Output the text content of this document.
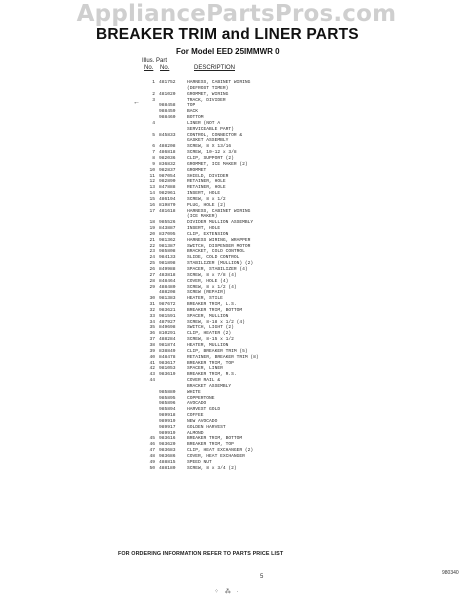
AppliancePartsPros.com
BREAKER TRIM and LINER PARTS
For Model EED 25IMMWR 0
Illus. Part
No. No.	DESCRIPTION
←
1 481752	HARNESS, CABINET WIRING
(DEFROST TIMER)
2 481020	GROMMET, WIRING
3	TRACK, DIVIDER
988458	TOP
988459	BACK
988460	BOTTOM
4	LINER (NOT A
SERVICEABLE PART)
5 845833	CONTROL, CONNECTOR &
GASKET ASSEMBLY
6 488208	SCREW, 8 X 13/16
7 486818	SCREW, 10-12 x 3/8
8 982036	CLIP, SUPPORT (2)
9 836832	GROMMET, ICE MAKER (2)
10 982837	GROMMET
11 987054	SHIELD, DIVIDER
12 982890	RETAINER, HOLE
13 847888	RETAINER, HOLE
14 982961	INSERT, HOLE
15 486194	SCREW, 8 x 1/2
16 819870	PLUG, HOLE (2)
17 481618	HARNESS, CABINET WIRING
(ICE MAKER)
18 985526	DIVIDER MULLION ASSEMBLY
19 843887	INSERT, HOLE
20 837095	CLIP, EXTENSION
21 981362	HARNESS WIRING, WRAPPER
22 981387	SWITCH, DISPENSER MOTOR
23 985808	BRACKET, COLD CONTROL
24 984133	SLIDE, COLD CONTROL
25 981898	STABILIZER (MULLION) (2)
26 849988	SPACER, STABILIZER (4)
27 483818	SCREW, 8 x 7/8 (4)
28 848464	COVER, HOLE (4)
29 488480	SCREW, 8 x 1/2 (4)
488208	SCREW (REPAIR)
30 981383	HEATER, STILE
31 987672	BREAKER TRIM, L.S.
32 983621	BREAKER TRIM, BOTTOM
33 981591	SPACER, MULLION
34 487927	SCREW, 8-18 x 1/2 (4)
35 849698	SWITCH, LIGHT (2)
36 810291	CLIP, HEATER (2)
37 488284	SCREW, 8-15 x 1/2
38 981874	HEATER, MULLION
39 838849	CLIP, BREAKER TRIM (5)
40 848478	RETAINER, BREAKER TRIM (8)
41 983617	BREAKER TRIM, TOP
42 981053	SPACER, LINER
43 983619	BREAKER TRIM, R.S.
44	COVER RAIL &
BRACKET ASSEMBLY
985880	WHITE
985895	COPPERTONE
985896	AVOCADO
985894	HARVEST GOLD
989918	COFFEE
989919	NEW AVOCADO
989917	GOLDEN HARVEST
989919	ALMOND
45 983616	BREAKER TRIM, BOTTOM
46 983620	BREAKER TRIM, TOP
47 983683	CLIP, HEAT EXCHANGER (2)
48 983686	COVER, HEAT EXCHANGER
49 488815	SPEED NUT
50 488180	SCREW, 8 x 3/4 (2)
FOR ORDERING INFORMATION REFER TO PARTS PRICE LIST
5
980340
⁘ ⁂ ·
